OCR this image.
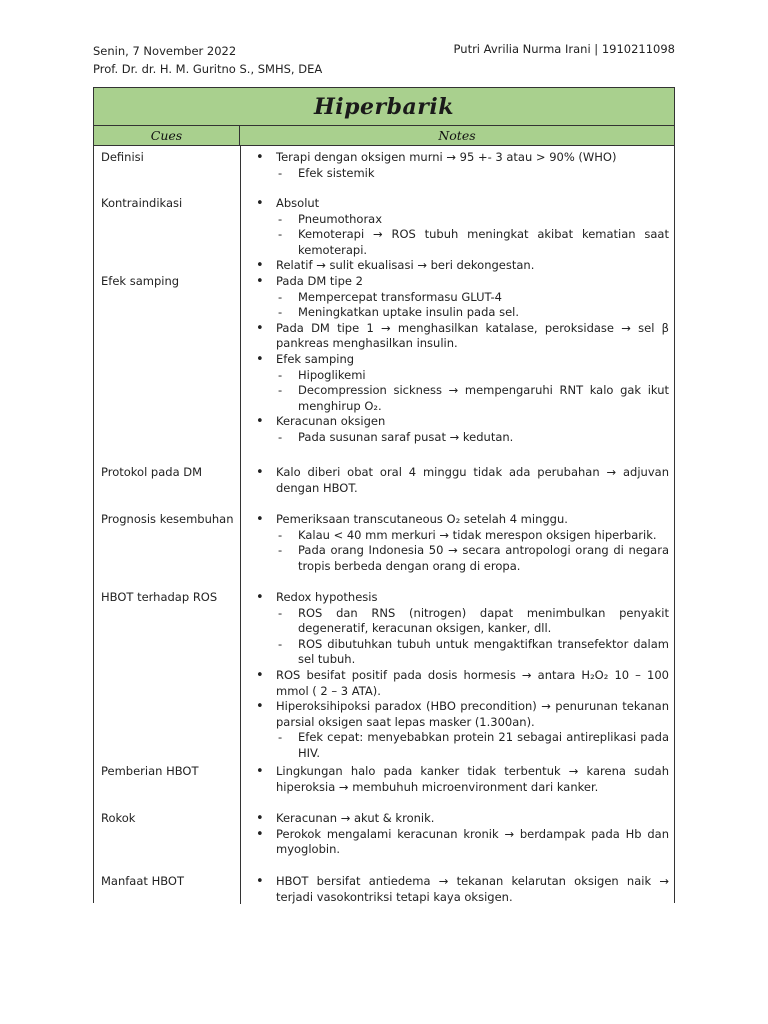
Senin, 7 November 2022
Prof. Dr. dr. H. M. Guritno S., SMHS, DEA
Putri Avrilia Nurma Irani | 1910211098
Hiperbarik
Cues	Notes
Definisi	• Terapi dengan oksigen murni → 95 +- 3 atau > 90% (WHO)
- Efek sistemik
Kontraindikasi	• Absolut
- Pneumothorax
- Kemoterapi → ROS tubuh meningkat akibat kematian saat kemoterapi.
• Relatif → sulit ekualisasi → beri dekongestan.
Efek samping	• Pada DM tipe 2
- Mempercepat transformasu GLUT-4
- Meningkatkan uptake insulin pada sel.
• Pada DM tipe 1 → menghasilkan katalase, peroksidase → sel β pankreas menghasilkan insulin.
• Efek samping
- Hipoglikemi
- Decompression sickness → mempengaruhi RNT kalo gak ikut menghirup O₂.
• Keracunan oksigen
- Pada susunan saraf pusat → kedutan.
Protokol pada DM	• Kalo diberi obat oral 4 minggu tidak ada perubahan → adjuvan dengan HBOT.
Prognosis kesembuhan	• Pemeriksaan transcutaneous O₂ setelah 4 minggu.
- Kalau < 40 mm merkuri → tidak merespon oksigen hiperbarik.
- Pada orang Indonesia 50 → secara antropologi orang di negara tropis berbeda dengan orang di eropa.
HBOT terhadap ROS	• Redox hypothesis
- ROS dan RNS (nitrogen) dapat menimbulkan penyakit degeneratif, keracunan oksigen, kanker, dll.
- ROS dibutuhkan tubuh untuk mengaktifkan transefektor dalam sel tubuh.
• ROS besifat positif pada dosis hormesis → antara H₂O₂ 10 – 100 mmol ( 2 – 3 ATA).
• Hiperoksihipoksi paradox (HBO precondition) → penurunan tekanan parsial oksigen saat lepas masker (1.300an).
- Efek cepat: menyebabkan protein 21 sebagai antireplikasi pada HIV.
Pemberian HBOT	• Lingkungan halo pada kanker tidak terbentuk → karena sudah hiperoksia → membuhuh microenvironment dari kanker.
Rokok	• Keracunan → akut & kronik.
• Perokok mengalami keracunan kronik → berdampak pada Hb dan myoglobin.
Manfaat HBOT	• HBOT bersifat antiedema → tekanan kelarutan oksigen naik → terjadi vasokontriksi tetapi kaya oksigen.
